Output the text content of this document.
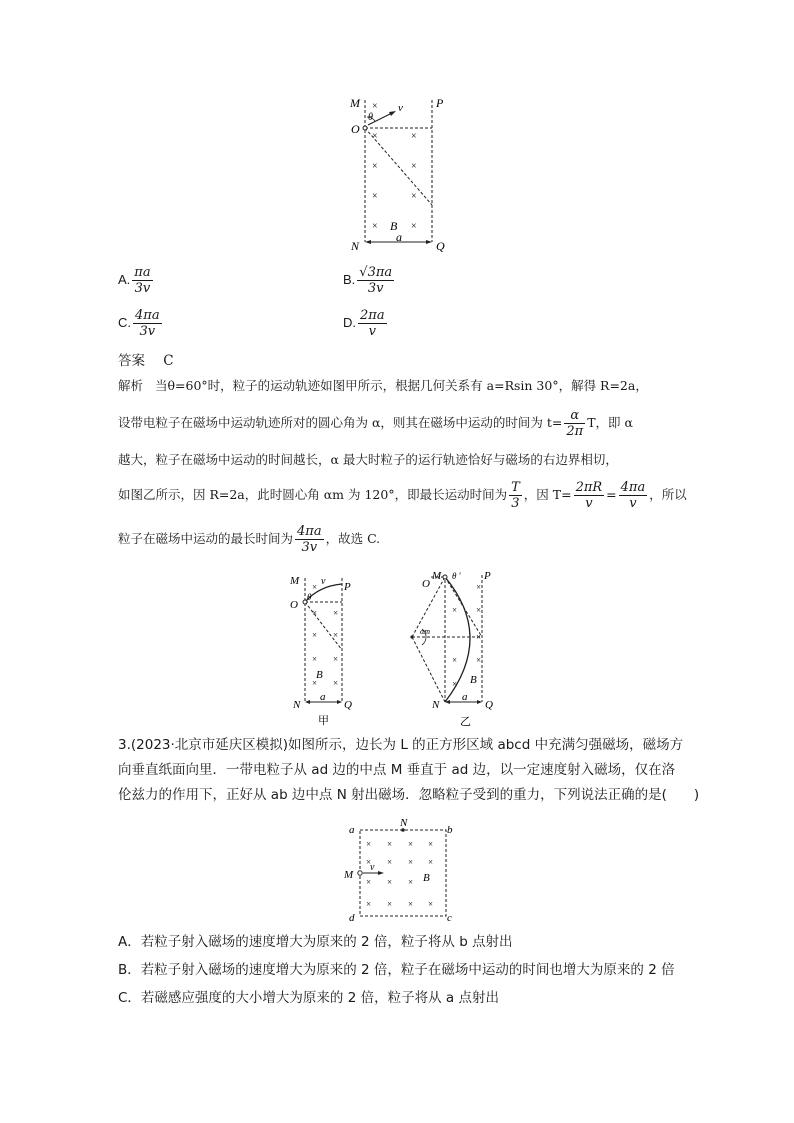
×
×	×
×	×
×	×
×	×
M	P
O
N	Q
θ
v
B
a
A. $\frac{\pi a}{3v}$	B. $\frac{√3\pi a}{3v}$
C. $\frac{4\pi a}{3v}$	D. $\frac{2\pi a}{v}$
答案 C
解析 当θ=60°时，粒子的运动轨迹如图甲所示，根据几何关系有 a=Rsin 30°，解得 R=2a，
设带电粒子在磁场中运动轨迹所对的圆心角为 α，则其在磁场中运动的时间为 $t= \frac{\alpha}{2\pi}$ T，即 α
越大，粒子在磁场中运动的时间越长，α 最大时粒子的运行轨迹恰好与磁场的右边界相切，
如图乙所示，因 R=2a，此时圆心角 αm 为 120°，即最长运动时间为 $\frac{T}{3}$ ，因 $T= \frac{2\pi R}{v} = \frac{4\pi a}{v}$ ，所以
粒子在磁场中运动的最长时间为 $\frac{4\pi a}{3v}$ ，故选 C.
×
× ×
× ×
× ×
× ×
M	P
O
N	Q
θ
v
B
a
甲
×
× ×
×
× ×
×
O
M θ ′ P
αm
B
a
N	Q
乙
3.(2023·北京市延庆区模拟)如图所示，边长为 L 的正方形区域 abcd 中充满匀强磁场，磁场方
向垂直纸面向里．一带电粒子从 ad 边的中点 M 垂直于 ad 边，以一定速度射入磁场，仅在洛
伦兹力的作用下，正好从 ab 边中点 N 射出磁场．忽略粒子受到的重力，下列说法正确的是(　　)
× × × ×
× × × ×
× × ×
× × × ×
a
N
b
M
v
B
d	c
A．若粒子射入磁场的速度增大为原来的 2 倍，粒子将从 b 点射出
B．若粒子射入磁场的速度增大为原来的 2 倍，粒子在磁场中运动的时间也增大为原来的 2 倍
C．若磁感应强度的大小增大为原来的 2 倍，粒子将从 a 点射出
